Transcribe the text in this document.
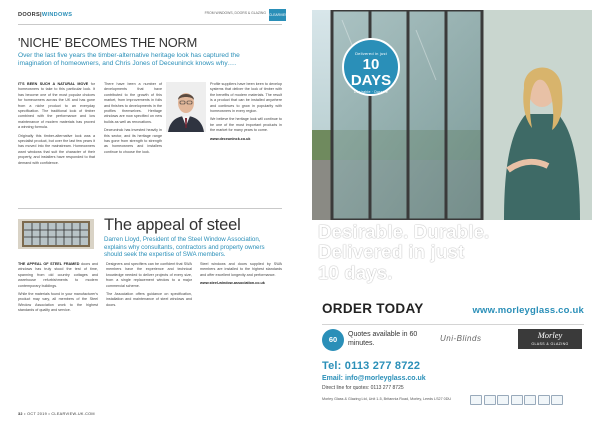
DOORS|WINDOWS	FROM WINDOWS, DOORS & GLAZING CLEARVIEW
'NICHE' BECOMES THE NORM
Over the last five years the timber-alternative heritage look has captured the imagination of homeowners, and Chris Jones of Deceuninck knows why….

IT'S BEEN SUCH A NATURAL MOVE for homeowners to take to this particular look. It has become one of the most popular choices for homeowners across the UK and has gone from a niche product to an everyday specification. The traditional look of timber combined with the performance and low maintenance of modern materials has proved a winning formula.

Originally this timber-alternative look was a specialist product, but over the last few years it has moved into the mainstream. Homeowners want windows that suit the character of their property, and installers have responded to that demand with confidence.

There have been a number of developments that have contributed to the growth of this market, from improvements in foils and finishes to developments in the profiles themselves. Heritage windows are now specified on new builds as well as renovations.

Deceuninck has invested heavily in this sector, and its heritage range has gone from strength to strength as homeowners and installers continue to choose the look.

Profile suppliers have been keen to develop systems that deliver the look of timber with the benefits of modern materials. The result is a product that can be installed anywhere and continues to grow in popularity with homeowners in every region.

We believe the heritage look will continue to be one of the most important products in the market for many years to come.

www.deceuninck.co.uk

The appeal of steel
Darren Lloyd, President of the Steel Window Association, explains why consultants, contractors and property owners should seek the expertise of SWA members.

THE APPEAL OF STEEL FRAMED doors and windows has truly stood the test of time, spanning from old country cottages and warehouse refurbishments to modern contemporary buildings.

While the materials found in your manufacturer's product may vary, all members of the Steel Window Association work to the highest standards of quality and service.

Designers and specifiers can be confident that SWA members have the experience and technical knowledge needed to deliver projects of every size, from a single replacement window to a major commercial scheme.

The Association offers guidance on specification, installation and maintenance of steel windows and doors.

Steel windows and doors supplied by SWA members are installed to the highest standards and offer excellent longevity and performance.

www.steel-window-association.co.uk

32 • OCT 2019 • CLEARVIEW-UK.COM
Delivered in just
10 DAYS
Desirable · Durable
Desirable. Durable.
Delivered in just
10 days.
ORDER TODAY	www.morleyglass.co.uk
60
Quotes available in 60 minutes.
Uni-Blinds	Morley
GLASS & GLAZING
Tel: 0113 277 8722
Email: info@morleyglass.co.uk
Direct line for quotes: 0113 277 8725
Morley Glass & Glazing Ltd, Unit 1-5, Britannia Road, Morley, Leeds LS27 0DU
